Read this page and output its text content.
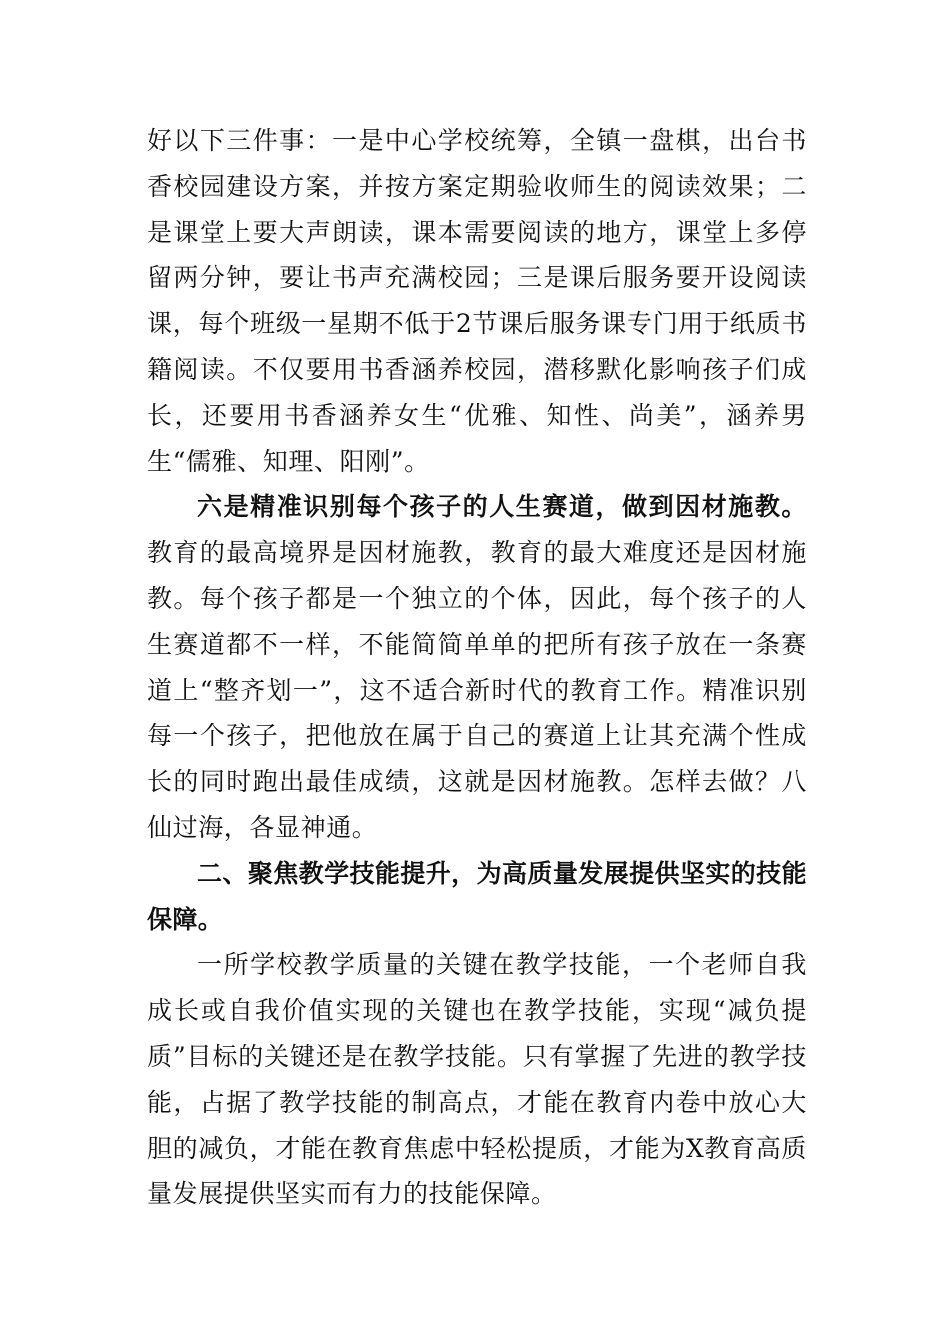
好以下三件事：一是中心学校统筹，全镇一盘棋，出台书香校园建设方案，并按方案定期验收师生的阅读效果；二是课堂上要大声朗读，课本需要阅读的地方，课堂上多停留两分钟，要让书声充满校园；三是课后服务要开设阅读课，每个班级一星期不低于2节课后服务课专门用于纸质书籍阅读。不仅要用书香涵养校园，潜移默化影响孩子们成长，还要用书香涵养女生“优雅、知性、尚美”，涵养男生“儒雅、知理、阳刚”。

六是精准识别每个孩子的人生赛道，做到因材施教。教育的最高境界是因材施教，教育的最大难度还是因材施教。每个孩子都是一个独立的个体，因此，每个孩子的人生赛道都不一样，不能简简单单的把所有孩子放在一条赛道上“整齐划一”，这不适合新时代的教育工作。精准识别每一个孩子，把他放在属于自己的赛道上让其充满个性成长的同时跑出最佳成绩，这就是因材施教。怎样去做？八仙过海，各显神通。

二、聚焦教学技能提升，为高质量发展提供坚实的技能保障。

一所学校教学质量的关键在教学技能，一个老师自我成长或自我价值实现的关键也在教学技能，实现“减负提质”目标的关键还是在教学技能。只有掌握了先进的教学技能，占据了教学技能的制高点，才能在教育内卷中放心大胆的减负，才能在教育焦虑中轻松提质，才能为X教育高质量发展提供坚实而有力的技能保障。
